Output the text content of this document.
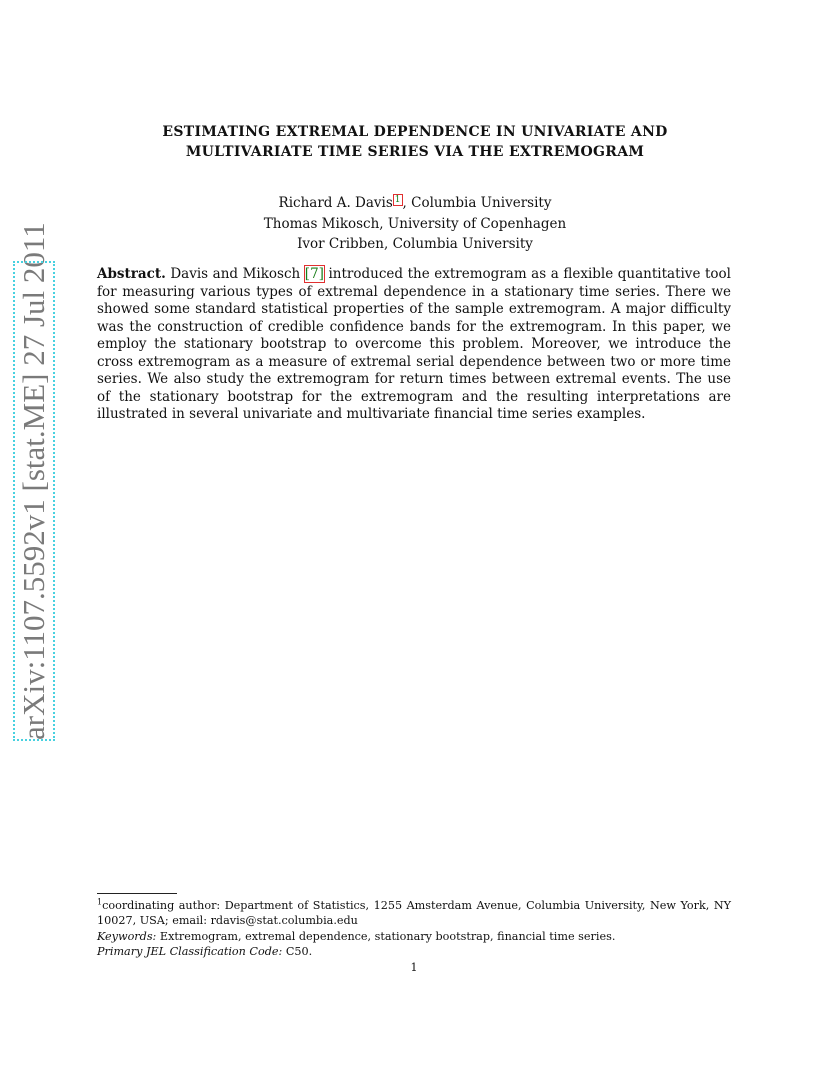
arXiv:1107.5592v1 [stat.ME] 27 Jul 2011
ESTIMATING EXTREMAL DEPENDENCE IN UNIVARIATE AND
MULTIVARIATE TIME SERIES VIA THE EXTREMOGRAM
Richard A. Davis $^1$ , Columbia University
Thomas Mikosch, University of Copenhagen
Ivor Cribben, Columbia University
Abstract. Davis and Mikosch [7] introduced the extremogram as a flexible quantitative tool for measuring various types of extremal dependence in a stationary time series. There we showed some standard statistical properties of the sample extremogram. A major difficulty was the construction of credible confidence bands for the extremogram. In this paper, we employ the stationary bootstrap to overcome this problem. Moreover, we introduce the cross extremogram as a measure of extremal serial dependence between two or more time series. We also study the extremogram for return times between extremal events. The use of the stationary bootstrap for the extremogram and the resulting interpretations are illustrated in several univariate and multivariate financial time series examples.
$^1$coordinating author: Department of Statistics, 1255 Amsterdam Avenue, Columbia University, New York, NY 10027, USA; email: rdavis@stat.columbia.edu
Keywords: Extremogram, extremal dependence, stationary bootstrap, financial time series.
Primary JEL Classification Code: C50.
1
